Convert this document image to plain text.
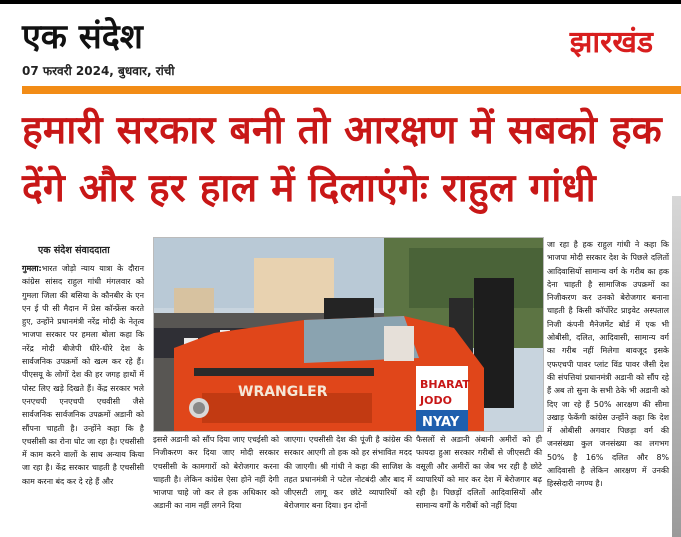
एक संदेश
07 फरवरी 2024, बुधवार, रांची
झारखंड
हमारी सरकार बनी तो आरक्षण में सबको हक देंगे और हर हाल में दिलाएंगेः राहुल गांधी
एक संदेश संवाददाता
गुमला:भारत जोड़ो न्याय यात्रा के दौरान कांग्रेस सांसद राहुल गांधी मंगलवार को गुमला जिला की बसिया के कौनबीर के एन एन ई पी सी मैदान में प्रेस कॉन्फ्रेंस करते हुए, उन्होंने प्रधानमंत्री नरेंद्र मोदी के नेतृत्व भाजपा सरकार पर हमला बोला कहा कि नरेंद्र मोदी बीजेपी धीरे-धीरे देश के सार्वजनिक उपक्रमों को खत्म कर रहे हैं। पीएसयू के लोगों देश की हर जगह हाथों में पोस्ट लिए खड़े दिखते हैं। केंद्र सरकार भले एनएचपी एनएचपी एचवीसी जैसे सार्वजनिक सार्वजनिक उपक्रमों अडानी को सौंपना चाहती है। उन्होंने कहा कि है एचसीसी का रोना घोट जा रहा है। एचसीसी में काम करने वालों के साथ अन्याय किया जा रहा है। केंद्र सरकार चाहती है एचसीसी काम करना बंद कर दे रहे हैं और
WRANGLER	BHARAT
JODO
NYAY
इससे अडानी को सौंप दिया जाए एचईसी को निजीकरण कर दिया जाए मोदी सरकार एचसीसी के कामगारों को बेरोजगार करना चाहती है। लेकिन कांग्रेस ऐसा होने नहीं देगी भाजपा चाहे जो कर ले हक अधिकार को अडानी का नाम नहीं लगने दिया
जाएगा। एचसीसी देश की पूंजी है कांग्रेस की सरकार आएगी तो हक को हर संभावित मदद की जाएगी। श्री गांधी ने कहा की साजिश के तहत प्रधानमंत्री ने पटेल नोटबंदी और बाद में जीएसटी लागू कर छोटे व्यापारियों को बेरोजगार बना दिया। इन दोनों
फैसलों से अडानी अंबानी अमीरों को ही फायदा हुआ सरकार गरीबों से जीएसटी की वसूली और अमीरों का जेब भर रही है छोटे व्यापारियों को मार कर देश में बेरोजगार बढ़ रही है। पिछड़ों दलितों आदिवासियों और सामान्य वर्गों के गरीबों को नहीं दिया
जा रहा है हक राहुल गांधी ने कहा कि भाजपा मोदी सरकार देश के पिछले दलितों आदिवासियों सामान्य वर्ग के गरीब का हक देना चाहती है सामाजिक उपक्रमों का निजीकरण कर उनको बेरोजगार बनाना चाहती है किसी कॉर्पोरेट प्राइवेट अस्पताल निजी कंपनी मैनेजमेंट बोर्ड में एक भी ओबीसी, दलित, आदिवासी, सामान्य वर्ग का गरीब नहीं मिलेगा बावजूद इसके एफएचपी पावर प्लांट विंड पावर जैसी देश की संपत्तियां प्रधानमंत्री अडानी को सौंप रहे हैं अब तो सुना के सभी ठेके भी अडानी को दिए जा रहे हैं 50% आरक्षण की सीमा उखाड़ फेकेंगी कांग्रेस उन्होंने कहा कि देश में ओबीसी अगवार पिछड़ा वर्ग की जनसंख्या कुल जनसंख्या का लगभग 50% है 16% दलित और 8% आदिवासी है लेकिन आरक्षण में उनकी हिस्सेदारी नगण्य है।
